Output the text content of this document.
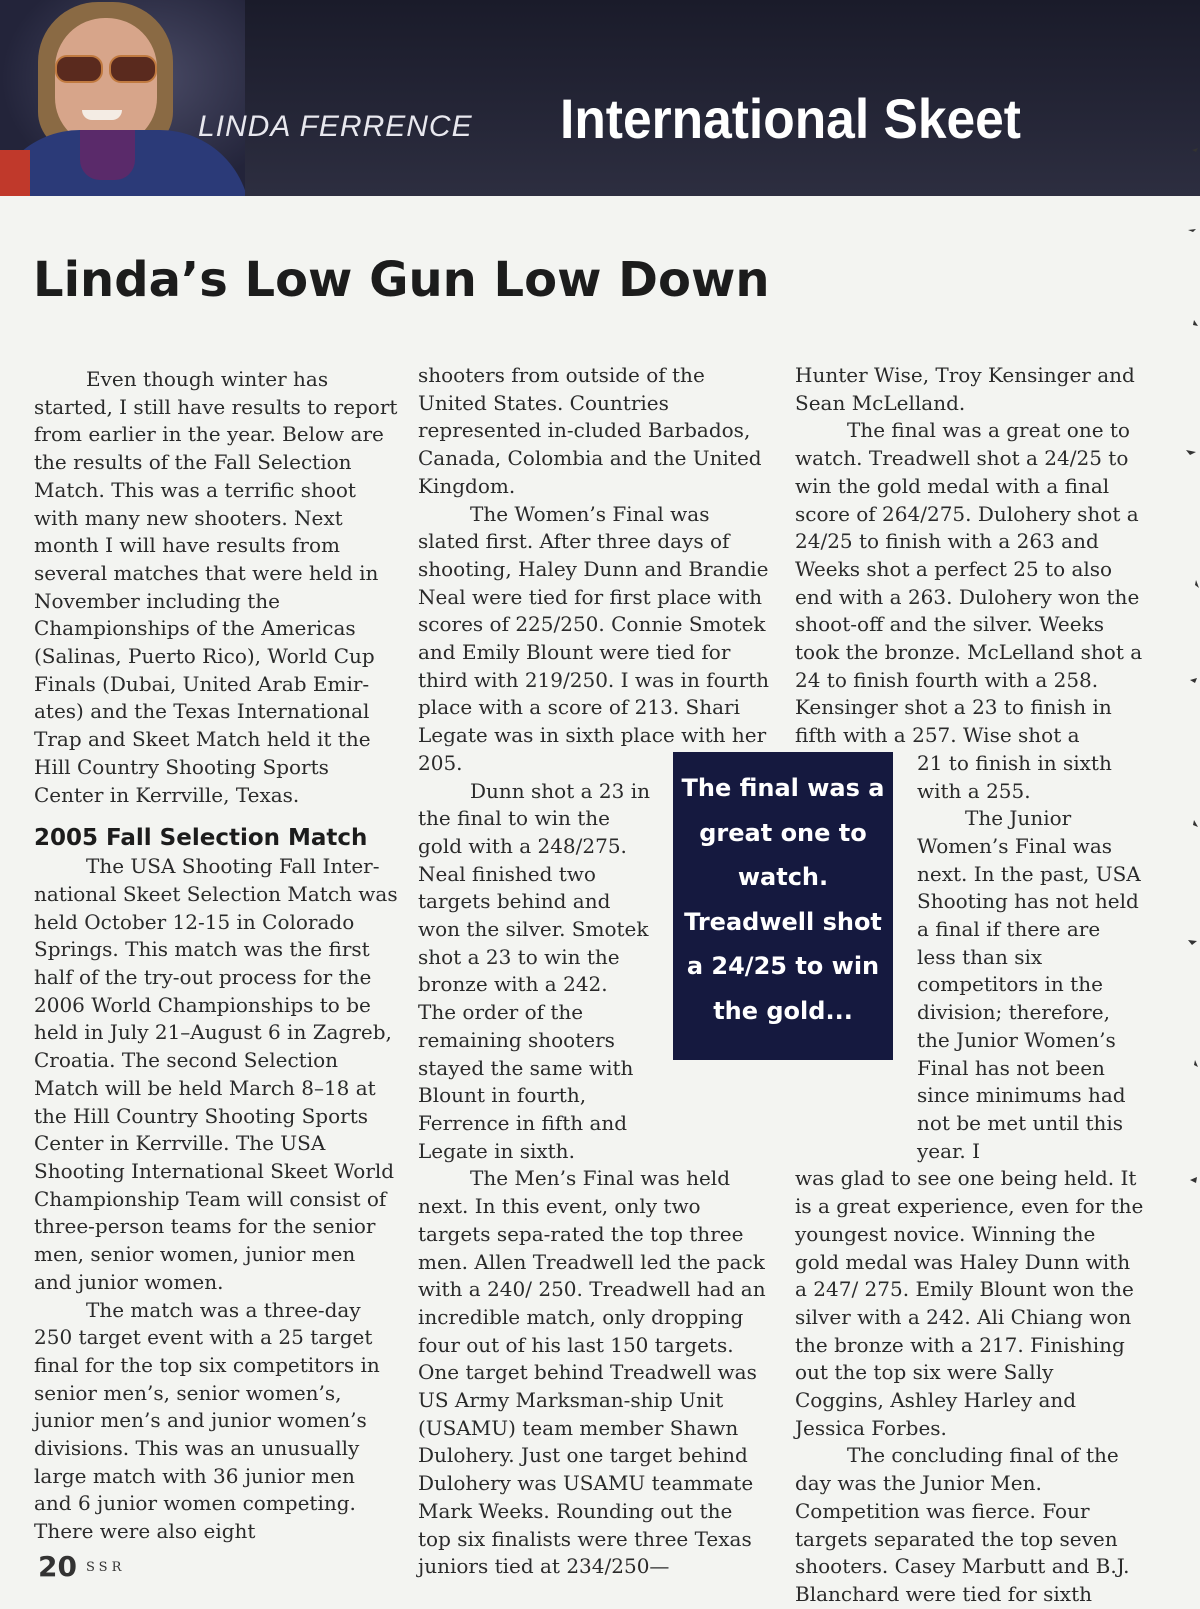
LINDA FERRENCE International Skeet
Linda’s Low Gun Low Down

Even though winter has started, I still have results to report from earlier in the year. Below are the results of the Fall Selection Match. This was a terrific shoot with many new shooters. Next month I will have results from several matches that were held in November including the Championships of the Americas (Salinas, Puerto Rico), World Cup Finals (Dubai, United Arab Emir-ates) and the Texas International Trap and Skeet Match held it the Hill Country Shooting Sports Center in Kerrville, Texas.

2005 Fall Selection Match

The USA Shooting Fall Inter-national Skeet Selection Match was held October 12-15 in Colorado Springs. This match was the first half of the try-out process for the 2006 World Championships to be held in July 21–August 6 in Zagreb, Croatia. The second Selection Match will be held March 8–18 at the Hill Country Shooting Sports Center in Kerrville. The USA Shooting International Skeet World Championship Team will consist of three-person teams for the senior men, senior women, junior men and junior women.

The match was a three-day 250 target event with a 25 target final for the top six competitors in senior men’s, senior women’s, junior men’s and junior women’s divisions. This was an unusually large match with 36 junior men and 6 junior women competing. There were also eight

shooters from outside of the United States. Countries represented in-cluded Barbados, Canada, Colombia and the United Kingdom.

The Women’s Final was slated first. After three days of shooting, Haley Dunn and Brandie Neal were tied for first place with scores of 225/250. Connie Smotek and Emily Blount were tied for third with 219/250. I was in fourth place with a score of 213. Shari Legate was in sixth place with her 205.

Dunn shot a 23 in the final to win the gold with a 248/275. Neal finished two targets behind and won the silver. Smotek shot a 23 to win the bronze with a 242. The order of the remaining shooters stayed the same with Blount in fourth, Ferrence in fifth and Legate in sixth.

The Men’s Final was held next. In this event, only two targets sepa-rated the top three men. Allen Treadwell led the pack with a 240/ 250. Treadwell had an incredible match, only dropping four out of his last 150 targets. One target behind Treadwell was US Army Marksman-ship Unit (USAMU) team member Shawn Dulohery. Just one target behind Dulohery was USAMU teammate Mark Weeks. Rounding out the top six finalists were three Texas juniors tied at 234/250—

Hunter Wise, Troy Kensinger and Sean McLelland.

The final was a great one to watch. Treadwell shot a 24/25 to win the gold medal with a final score of 264/275. Dulohery shot a 24/25 to finish with a 263 and Weeks shot a perfect 25 to also end with a 263. Dulohery won the shoot-off and the silver. Weeks took the bronze. McLelland shot a 24 to finish fourth with a 258. Kensinger shot a 23 to finish in fifth with a 257. Wise shot a

21 to finish in sixth with a 255.

The Junior Women’s Final was next. In the past, USA Shooting has not held a final if there are less than six competitors in the division; therefore, the Junior Women’s Final has not been since minimums had not be met until this year. I

was glad to see one being held. It is a great experience, even for the youngest novice. Winning the gold medal was Haley Dunn with a 247/ 275. Emily Blount won the silver with a 242. Ali Chiang won the bronze with a 217. Finishing out the top six were Sally Coggins, Ashley Harley and Jessica Forbes.

The concluding final of the day was the Junior Men. Competition was fierce. Four targets separated the top seven shooters. Casey Marbutt and B.J. Blanchard were tied for sixth

The final was a great one to watch. Treadwell shot a 24/25 to win the gold...
20 SSR
